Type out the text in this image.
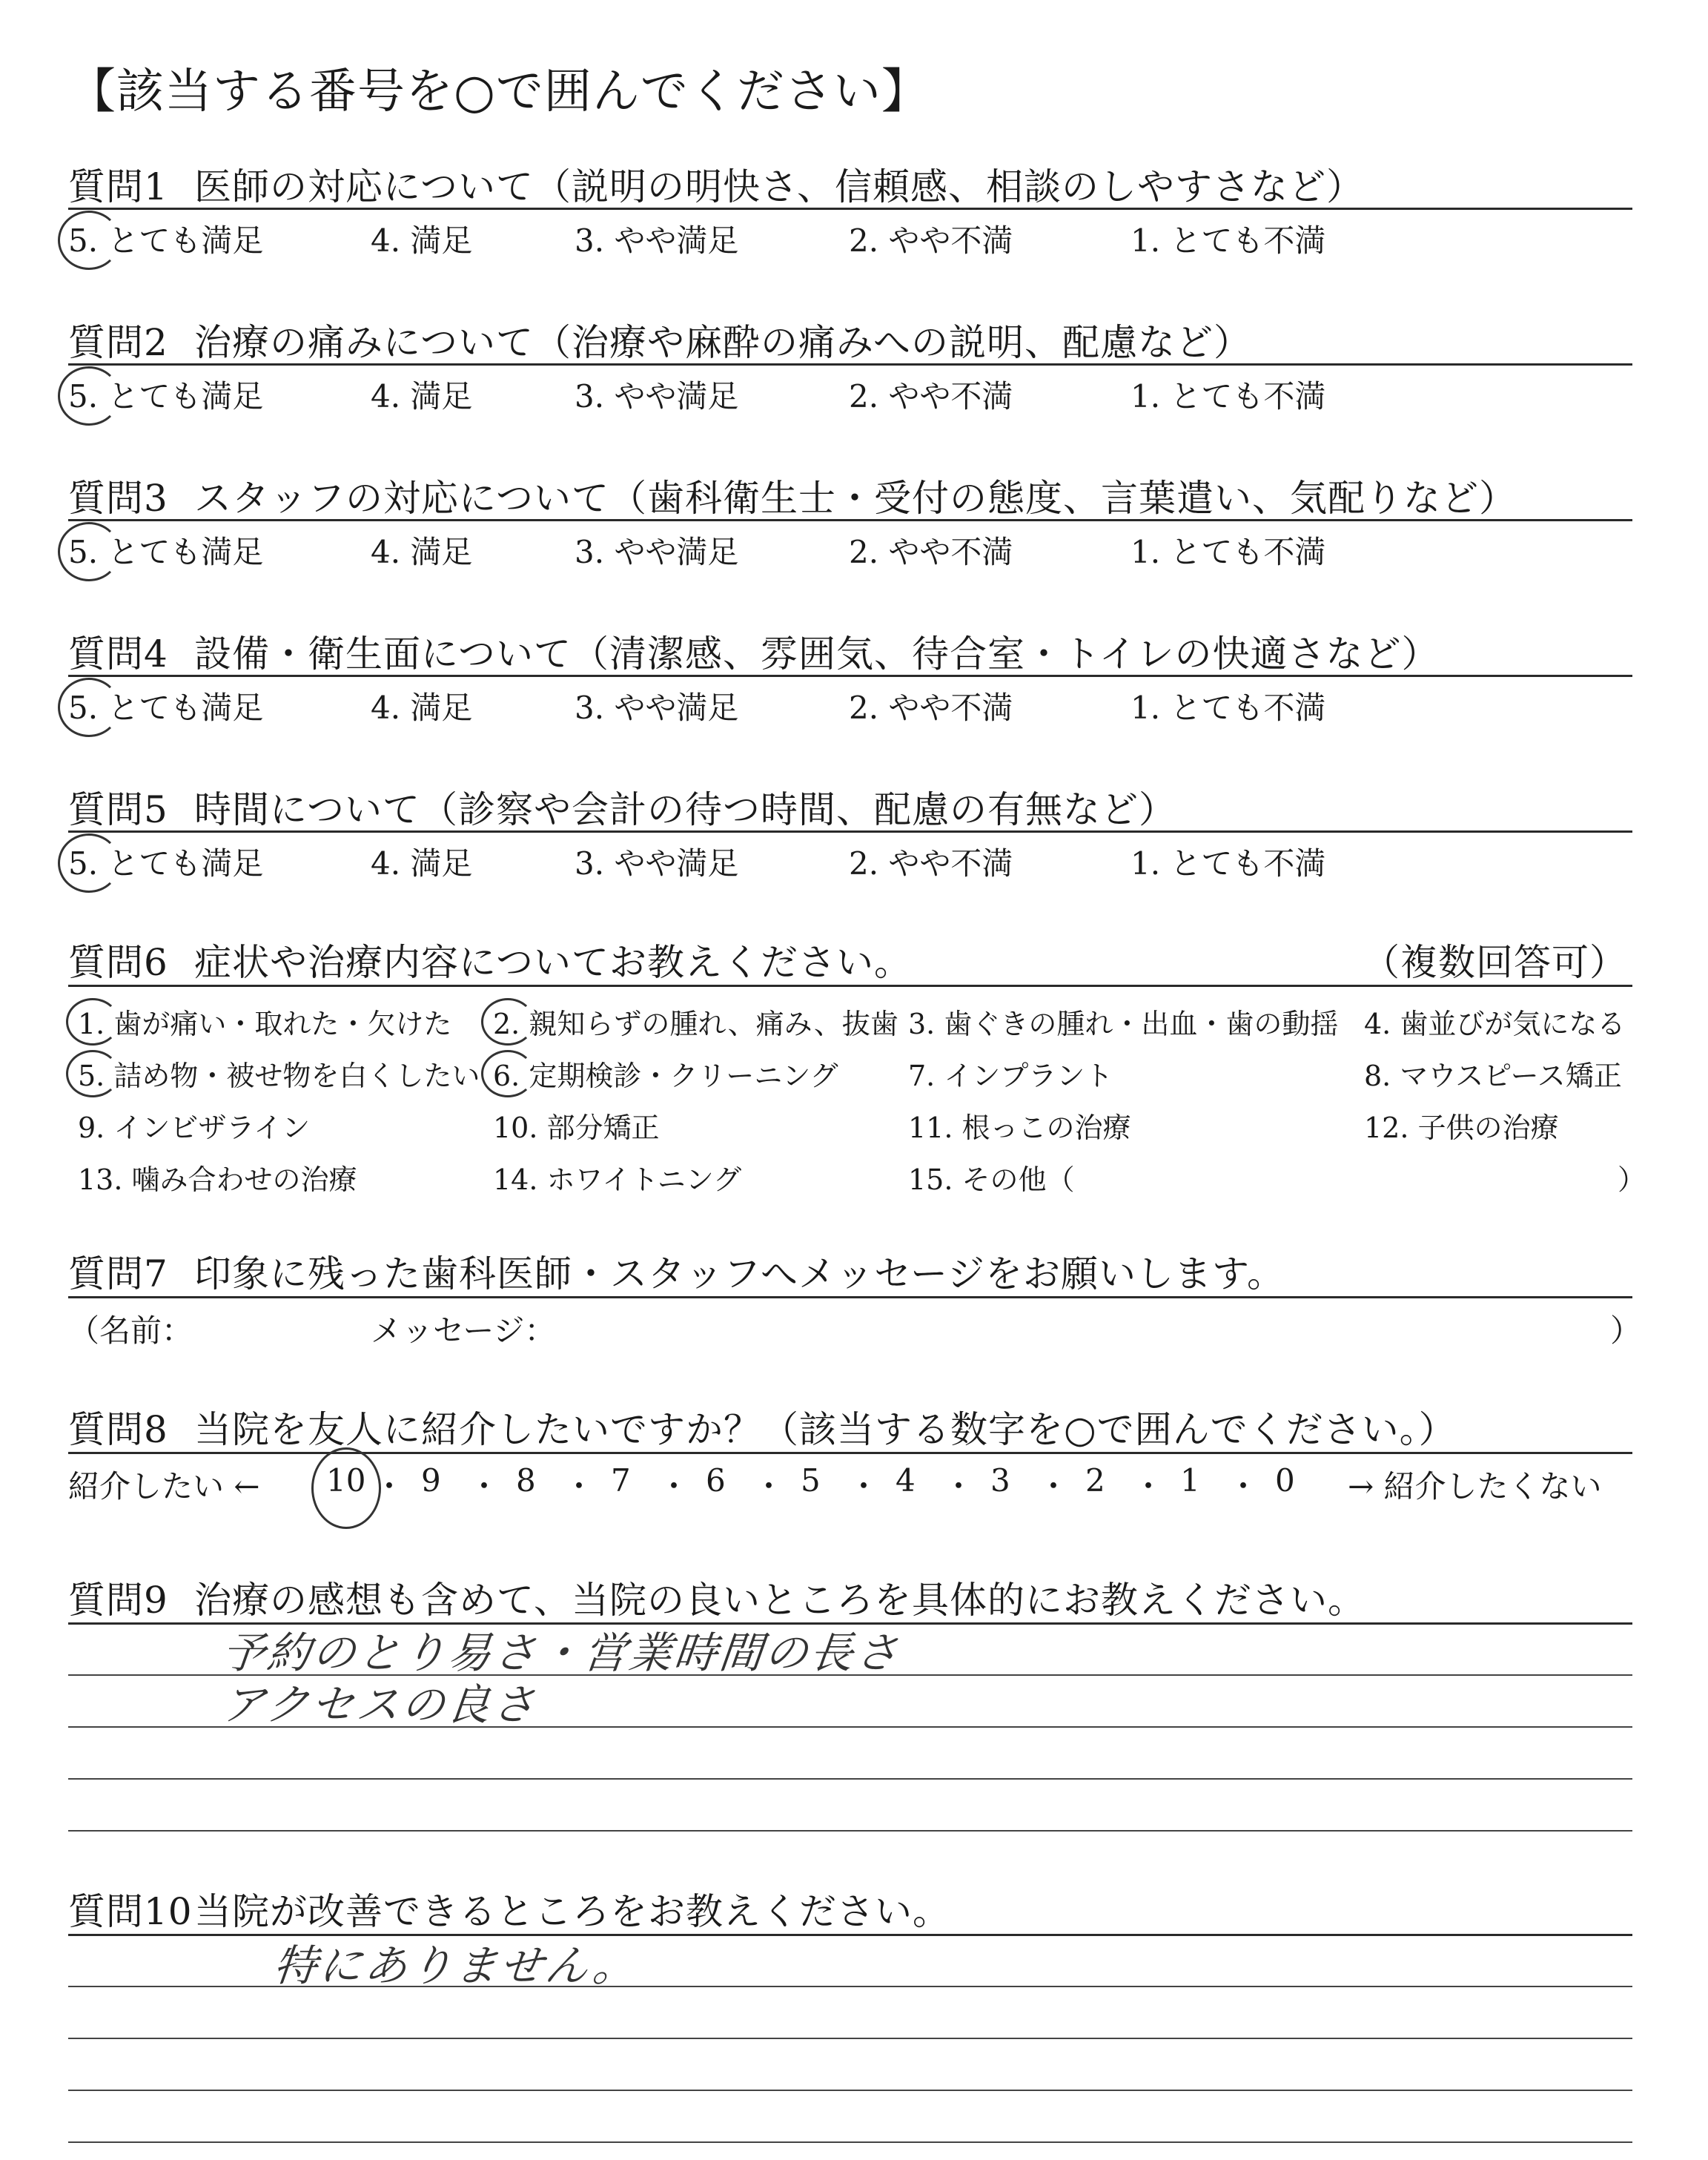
【該当する番号を○で囲んでください】
質問1 医師の対応について（説明の明快さ、信頼感、相談のしやすさなど）
5. とても満足	4. 満足	3. やや満足	2. やや不満	1. とても不満
質問2 治療の痛みについて（治療や麻酔の痛みへの説明、配慮など）
5. とても満足	4. 満足	3. やや満足	2. やや不満	1. とても不満
質問3 スタッフの対応について（歯科衛生士・受付の態度、言葉遣い、気配りなど）
5. とても満足	4. 満足	3. やや満足	2. やや不満	1. とても不満
質問4 設備・衛生面について（清潔感、雰囲気、待合室・トイレの快適さなど）
5. とても満足	4. 満足	3. やや満足	2. やや不満	1. とても不満
質問5 時間について（診察や会計の待つ時間、配慮の有無など）
5. とても満足	4. 満足	3. やや満足	2. やや不満	1. とても不満
質問6 症状や治療内容についてお教えください。	（複数回答可）
1. 歯が痛い・取れた・欠けた 2. 親知らずの腫れ、痛み、抜歯 3. 歯ぐきの腫れ・出血・歯の動揺 4. 歯並びが気になる
5. 詰め物・被せ物を白くしたい 6. 定期検診・クリーニング 7. インプラント	8. マウスピース矯正
9. インビザライン	10. 部分矯正	11. 根っこの治療	12. 子供の治療
13. 噛み合わせの治療	14. ホワイトニング	15. その他（	）
質問7 印象に残った歯科医師・スタッフへメッセージをお願いします。
（名前：	メッセージ：	）
質問8 当院を友人に紹介したいですか？（該当する数字を○で囲んでください。）
紹介したい ← 10 ・ 9 ・ 8 ・ 7 ・ 6 ・ 5 ・ 4 ・ 3 ・ 2 ・ 1 ・ 0 → 紹介したくない
質問9 治療の感想も含めて、当院の良いところを具体的にお教えください。
予約のとり易さ・営業時間の長さ
アクセスの良さ
質問10当院が改善できるところをお教えください。
特にありません。
